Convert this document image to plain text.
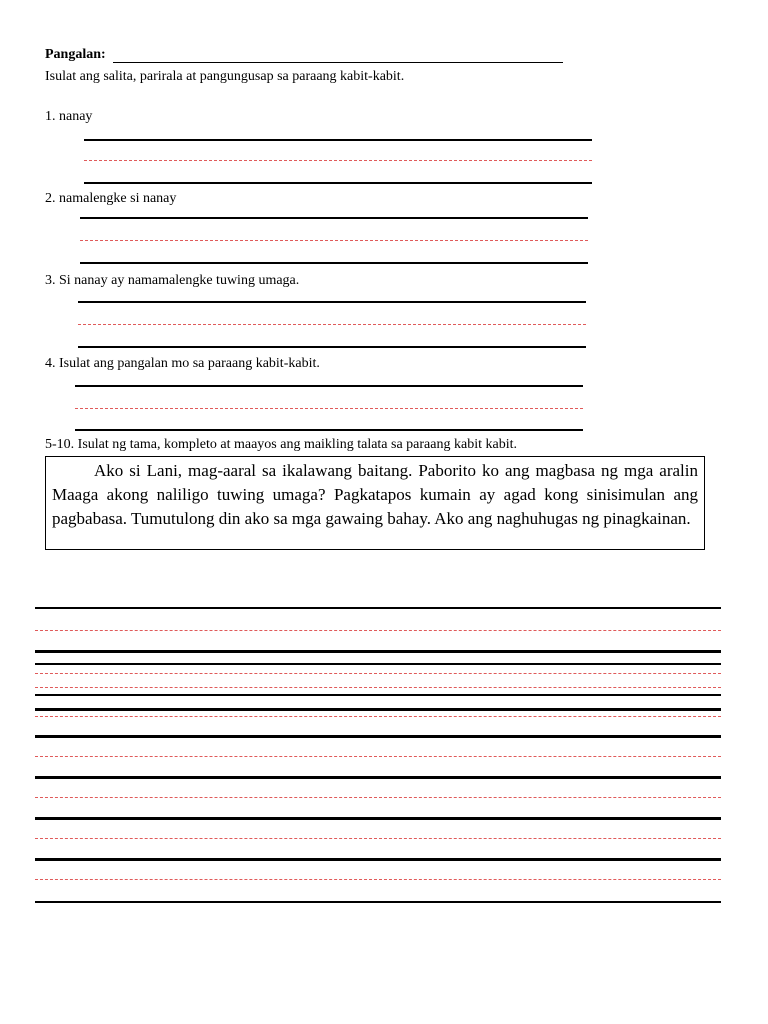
Pangalan:
Isulat ang salita, parirala at pangungusap sa paraang kabit-kabit.
1. nanay
2. namalengke si nanay
3. Si nanay ay namamalengke tuwing umaga.
4. Isulat ang pangalan mo sa paraang kabit-kabit.
5-10. Isulat ng tama, kompleto at maayos ang maikling talata sa paraang kabit kabit.

Ako si Lani, mag-aaral sa ikalawang baitang. Paborito ko ang magbasa ng mga aralin Maaga akong naliligo tuwing umaga? Pagkatapos kumain ay agad kong sinisimulan ang pagbabasa. Tumutulong din ako sa mga gawaing bahay. Ako ang naghuhugas ng pinagkainan.
